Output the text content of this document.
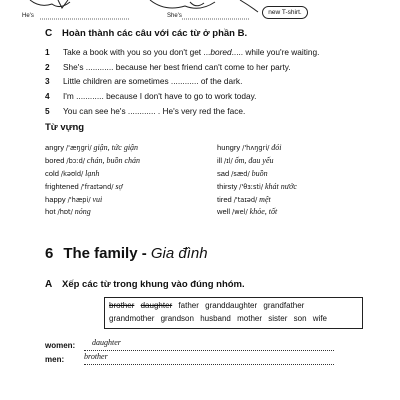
He's	She's	new T-shirt.
C Hoàn thành các câu với các từ ở phần B.
1	Take a book with you so you don't get ... bored ..... while you're waiting.
2	She's ............ because her best friend can't come to her party.
3	Little children are sometimes ............ of the dark.
4	I'm ............ because I don't have to go to work today.
5	You can see he's ............ . He's very red the face.
Từ vựng
angry /'æŋgri/ giận, tức giận
bored /bɔːd/ chán, buồn chán
cold /kəʊld/ lạnh
frightened /'fraɪtənd/ sợ
happy /'hæpi/ vui
hot /hɒt/ nóng
hungry /'hʌŋgri/ đói
ill /ɪl/ ốm, đau yếu
sad /sæd/ buồn
thirsty /'θɜːsti/ khát nước
tired /'taɪəd/ mệt
well /wel/ khỏe, tốt
6 The family - Gia đình
A Xếp các từ trong khung vào đúng nhóm.
brother daughter father granddaughter grandfather
grandmother grandson husband mother sister son wife
women: daughter
men: brother
